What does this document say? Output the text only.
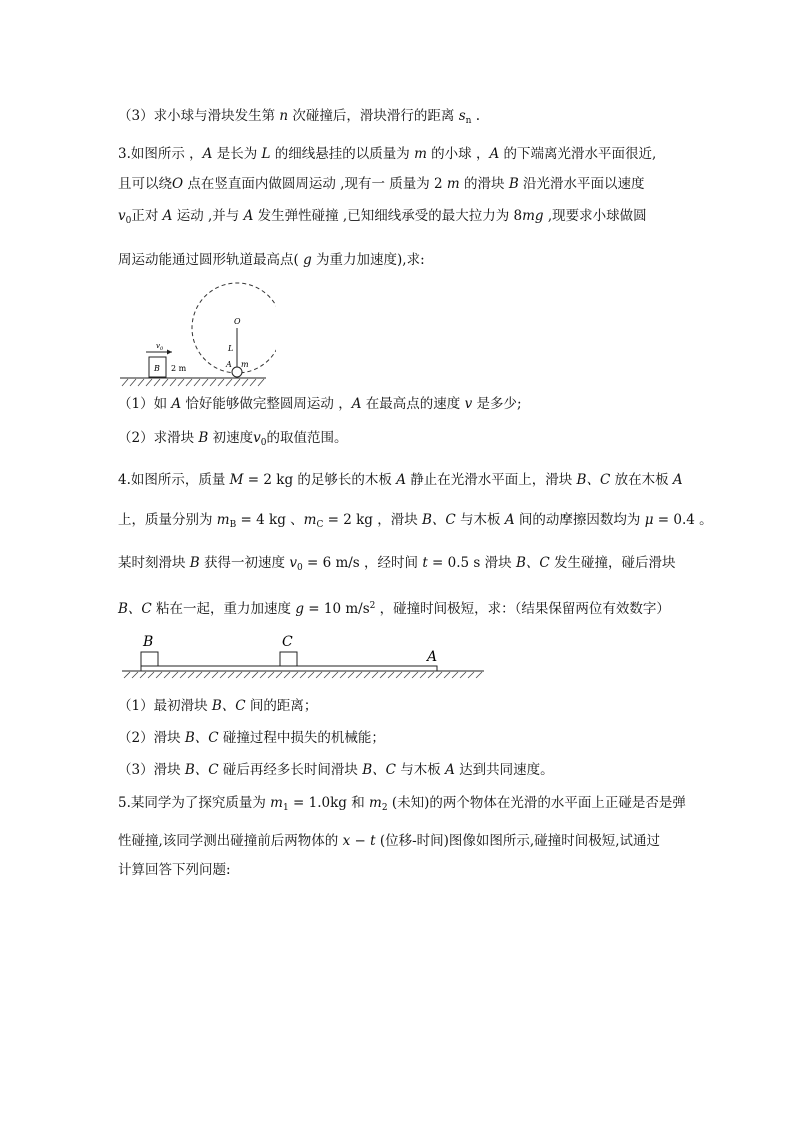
（3）求小球与滑块发生第 n 次碰撞后，滑块滑行的距离 $s_n$ .
3.如图所示 ，A 是长为 L 的细线悬挂的以质量为 m 的小球 ，A 的下端离光滑水平面很近,
且可以绕O 点在竖直面内做圆周运动 ,现有一 质量为 2 m 的滑块 B 沿光滑水平面以速度
$v_0$正对 A 运动 ,并与 A 发生弹性碰撞 ,已知细线承受的最大拉力为 8mg ,现要求小球做圆
周运动能通过圆形轨道最高点( g 为重力加速度),求:
O
L
A m
B 2 m
$v_0$
（1）如 A 恰好能够做完整圆周运动 ，A 在最高点的速度 v 是多少;
（2）求滑块 B 初速度$v_0$的取值范围。
4.如图所示，质量 M = 2 kg 的足够长的木板 A 静止在光滑水平面上，滑块 B、C 放在木板 A
上，质量分别为 $m_B = 4$ kg 、$m_C = 2$ kg ，滑块 B、C 与木板 A 间的动摩擦因数均为 μ = 0.4 。
某时刻滑块 B 获得一初速度 $v_0 = 6$ m/s ，经时间 t = 0.5 s 滑块 B、C 发生碰撞，碰后滑块
B、C 粘在一起，重力加速度 g = 10 $m/s^2$ ，碰撞时间极短，求：（结果保留两位有效数字）
B	C
A
（1）最初滑块 B、C 间的距离；
（2）滑块 B、C 碰撞过程中损失的机械能；
（3）滑块 B、C 碰后再经多长时间滑块 B、C 与木板 A 达到共同速度。
5.某同学为了探究质量为 $m_1 = 1.0kg$ 和 $m_2$ (未知)的两个物体在光滑的水平面上正碰是否是弹
性碰撞,该同学测出碰撞前后两物体的 x − t (位移-时间)图像如图所示,碰撞时间极短,试通过
计算回答下列问题:
